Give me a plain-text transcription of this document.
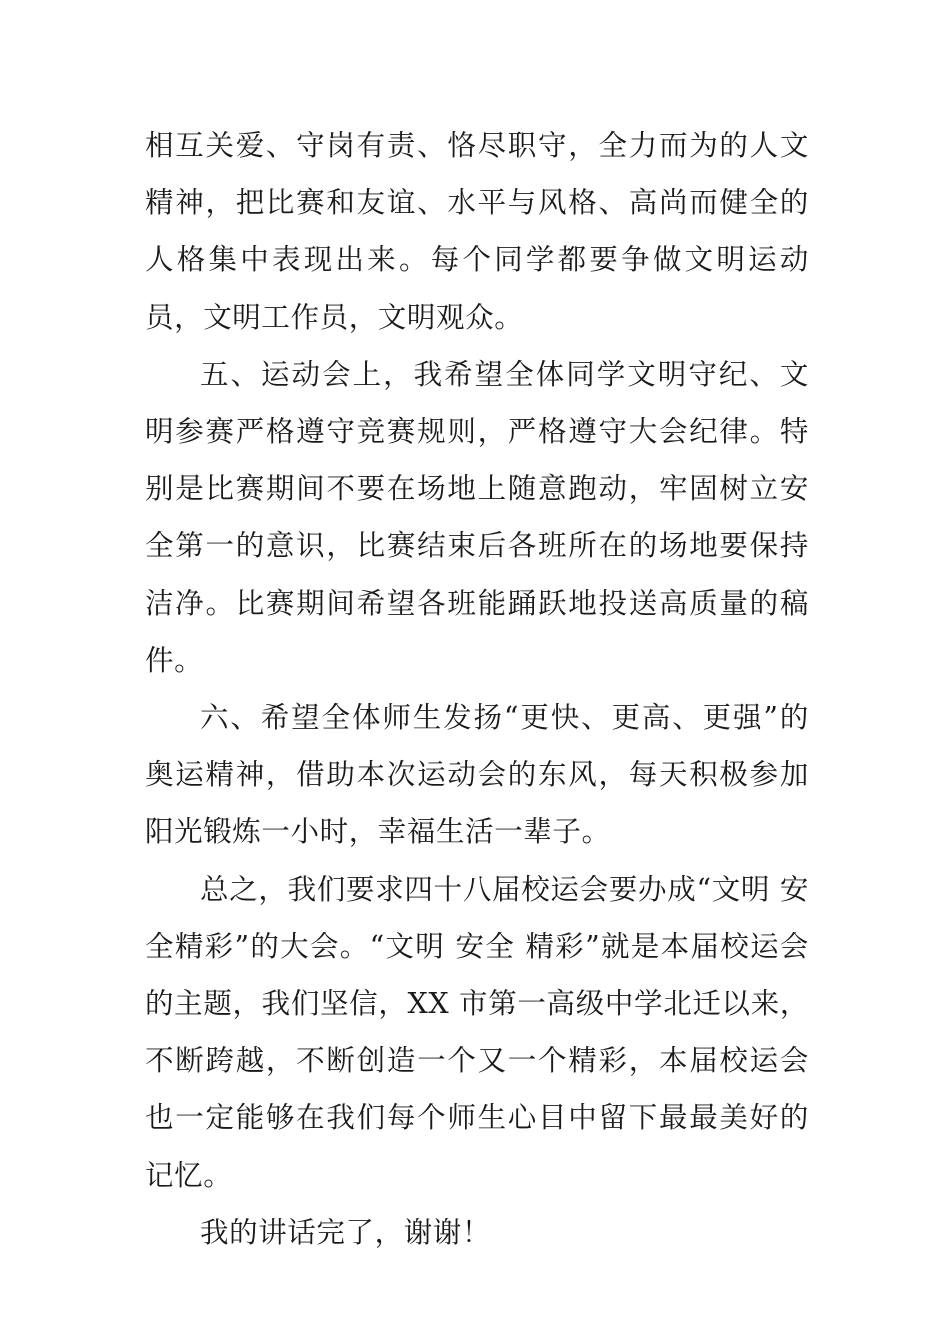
相互关爱、守岗有责、恪尽职守，全力而为的人文精神，把比赛和友谊、水平与风格、高尚而健全的人格集中表现出来。每个同学都要争做文明运动员，文明工作员，文明观众。

五、运动会上，我希望全体同学文明守纪、文明参赛严格遵守竞赛规则，严格遵守大会纪律。特别是比赛期间不要在场地上随意跑动，牢固树立安全第一的意识，比赛结束后各班所在的场地要保持洁净。比赛期间希望各班能踊跃地投送高质量的稿件。

六、希望全体师生发扬“更快、更高、更强”的奥运精神，借助本次运动会的东风，每天积极参加阳光锻炼一小时，幸福生活一辈子。

总之，我们要求四十八届校运会要办成“文明 安全精彩”的大会。“文明 安全 精彩”就是本届校运会的主题，我们坚信，XX 市第一高级中学北迁以来，不断跨越，不断创造一个又一个精彩，本届校运会也一定能够在我们每个师生心目中留下最最美好的记忆。

我的讲话完了，谢谢！
